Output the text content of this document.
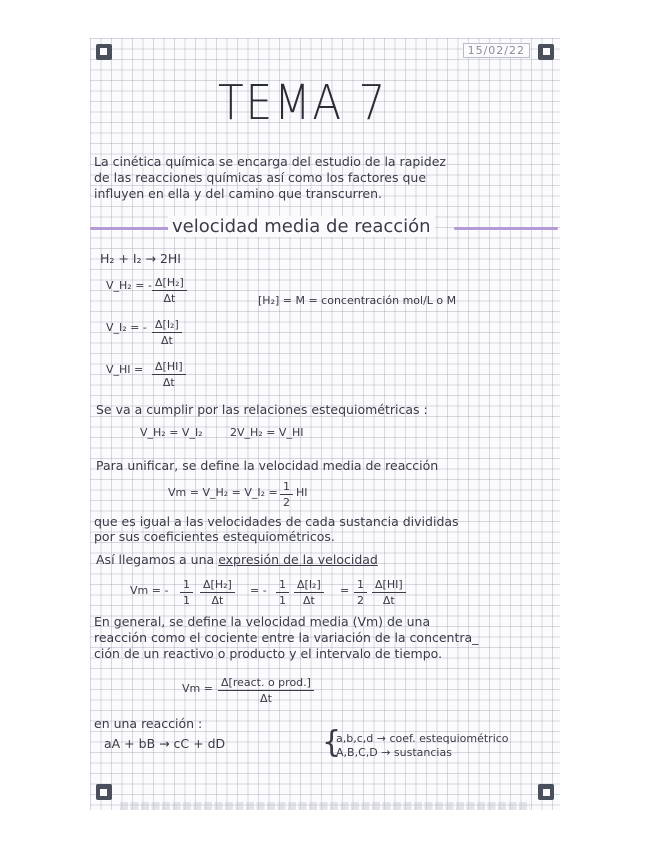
15/02/22
TEMA 7
La cinética química se encarga del estudio de la rapidez
de las reacciones químicas así como los factores que
influyen en ella y del camino que transcurren.
velocidad media de reacción
H₂ + I₂ → 2HI
V_H₂ = - $\frac{\text{Δ[H₂]}}{\Delta t}$	[H₂] = M = concentración mol/L o M
V_I₂ = - $\frac{\text{Δ[I₂]}}{\Delta t}$
V_HI = $\frac{\Delta[HI]}{\Delta t}$
Se va a cumplir por las relaciones estequiométricas :
V_H₂ = V_I₂ 2V_H₂ = V_HI
Para unificar, se define la velocidad media de reacción
Vm = V_H₂ = V_I₂ = $\frac{1}{2}$ HI
que es igual a las velocidades de cada sustancia divididas
por sus coeficientes estequiométricos.
Así llegamos a una expresión de la velocidad
Vm = - $\frac{1}{1} \frac{\text{Δ[H₂]}}{\Delta t}$ = - $\frac{1}{1} \frac{\text{Δ[I₂]}}{\Delta t} = \frac{1}{2} \frac{\Delta[HI]}{\Delta t}$
En general, se define la velocidad media (Vm) de una
reacción como el cociente entre la variación de la concentra_
ción de un reactivo o producto y el intervalo de tiempo.
Vm = Δ[react. o prod.]
Δt
en una reacción :
aA + bB → cC + dD	{
a,b,c,d → coef. estequiométrico
A,B,C,D → sustancias
